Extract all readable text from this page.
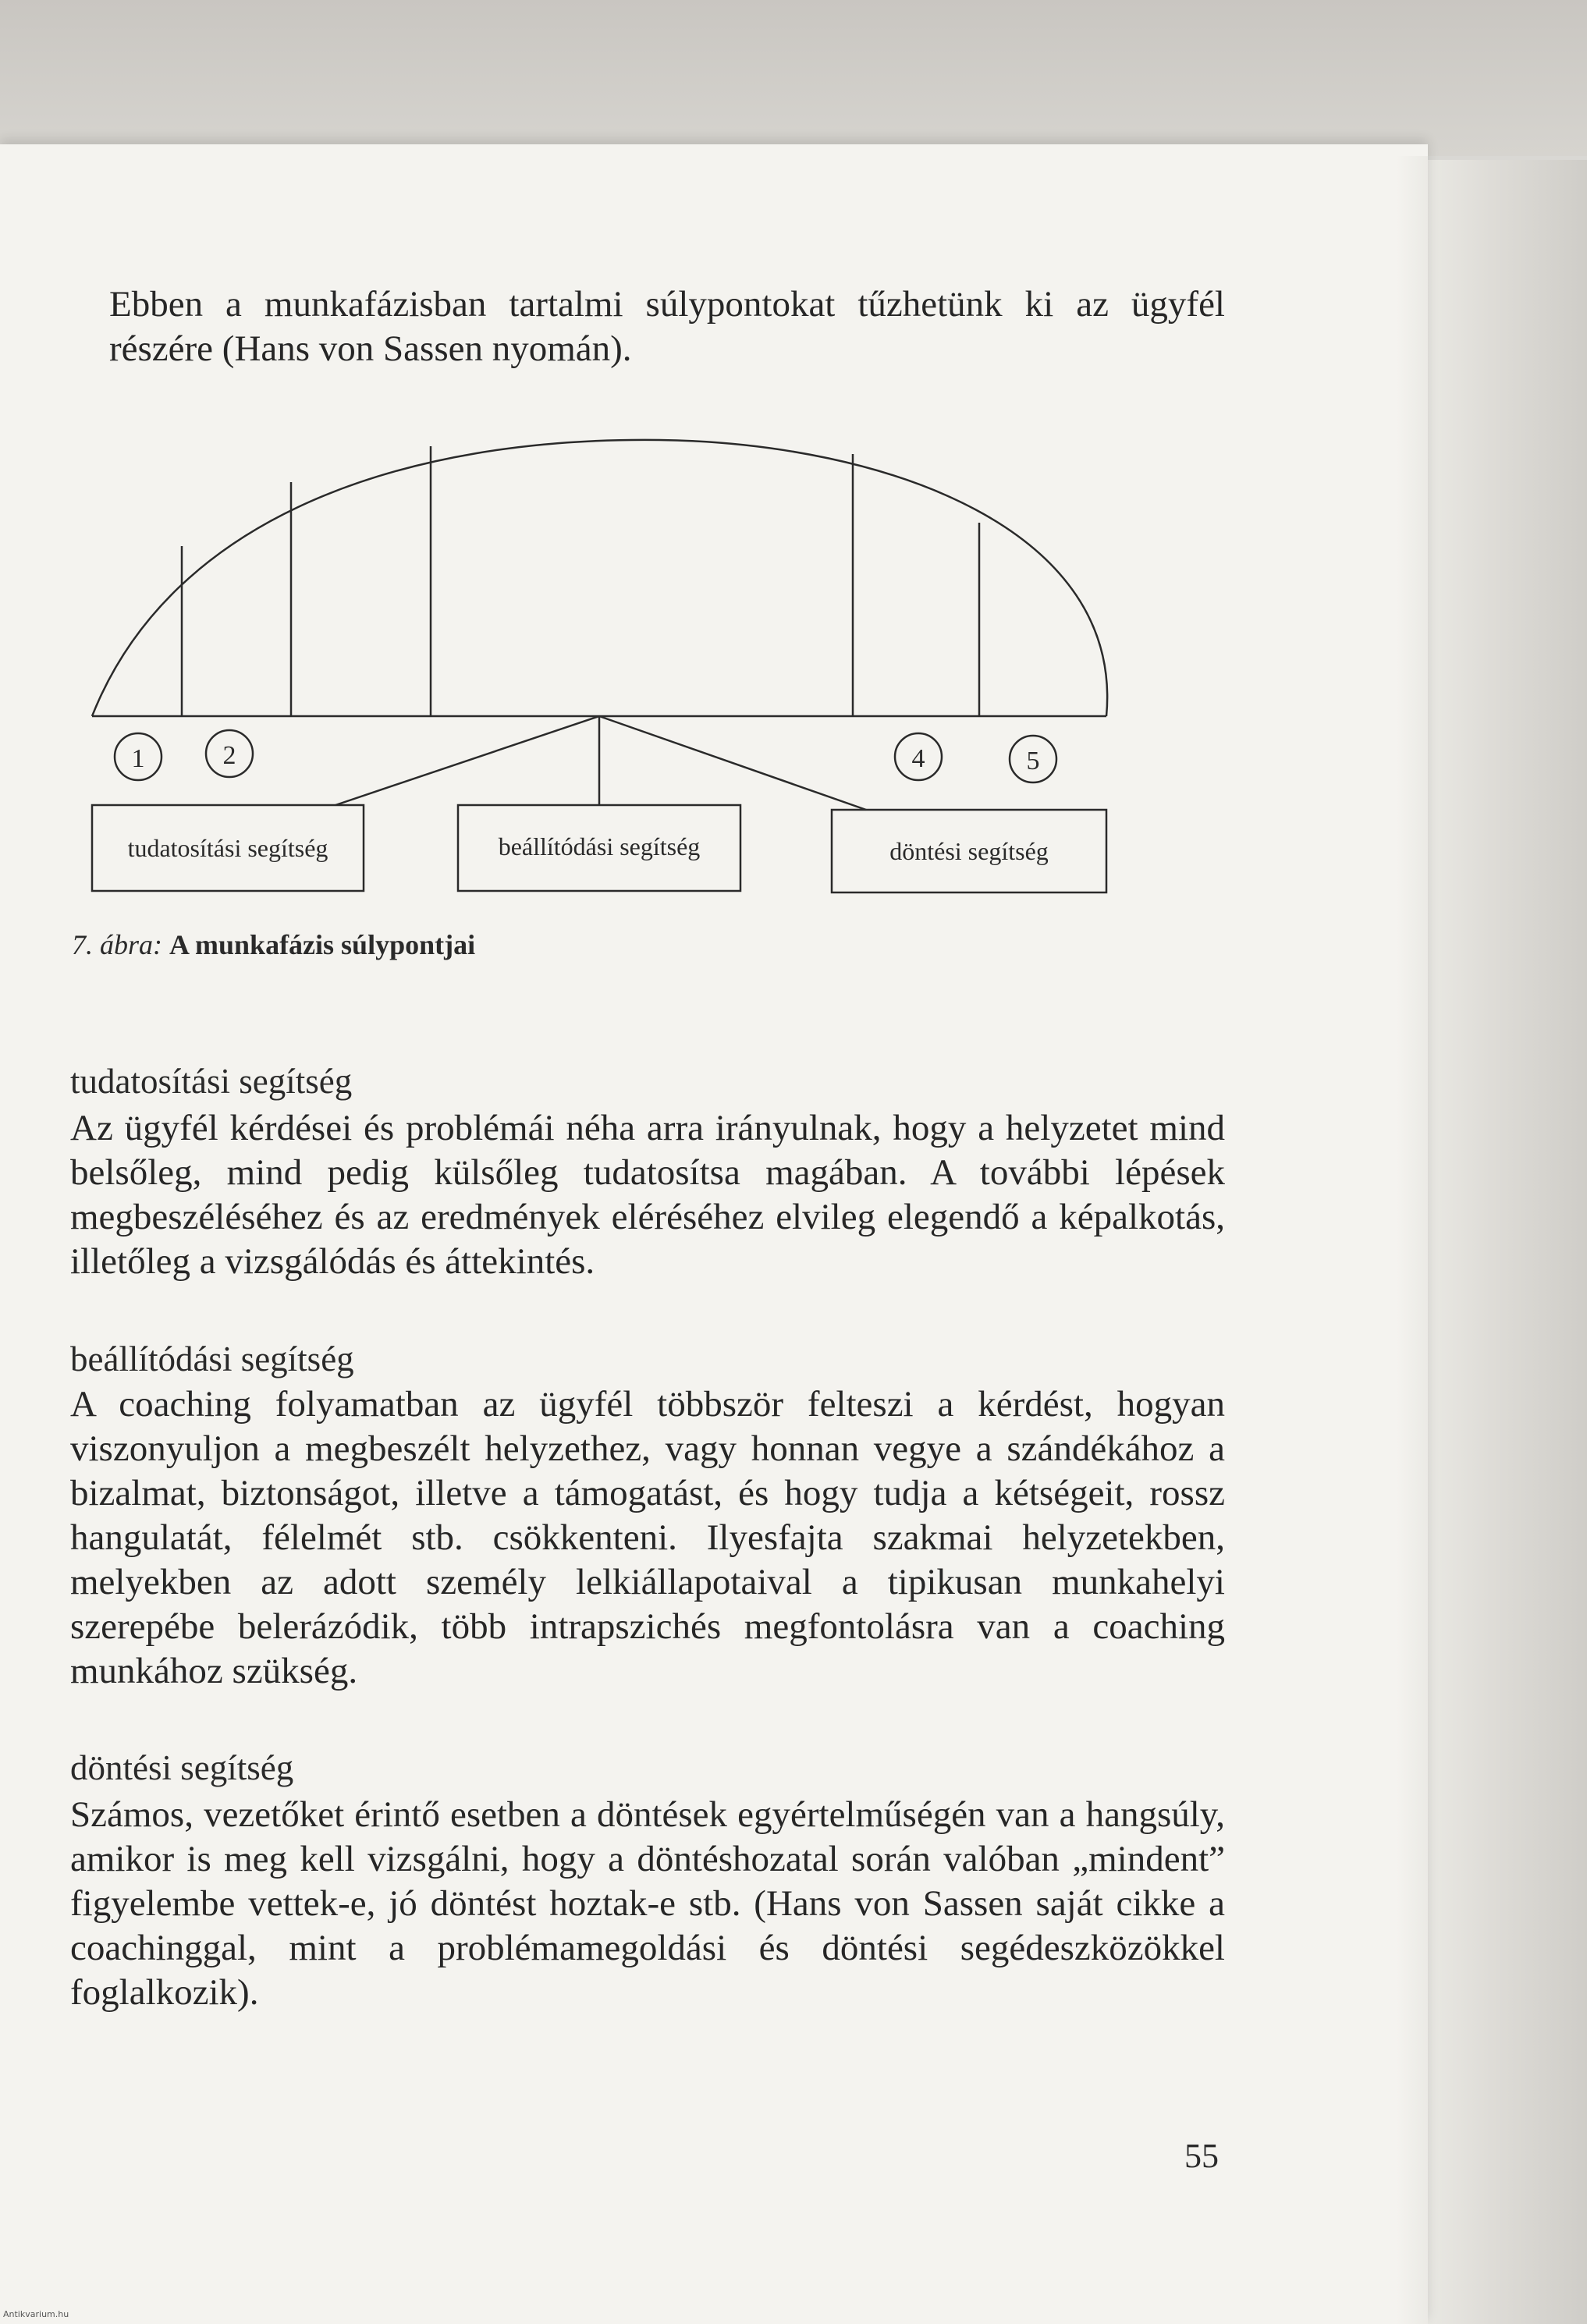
Ebben a munkafázisban tartalmi súlypontokat tűzhetünk ki az ügyfél részére (Hans von Sassen nyomán).
1	2	4	5
tudatosítási segítség	beállítódási segítség	döntési segítség
7. ábra: A munkafázis súlypontjai
tudatosítási segítség
Az ügyfél kérdései és problémái néha arra irányulnak, hogy a helyzetet mind belsőleg, mind pedig külsőleg tudatosítsa magában. A további lépések megbeszéléséhez és az eredmények eléréséhez elvileg elegendő a képalkotás, illetőleg a vizsgálódás és áttekintés.
beállítódási segítség
A coaching folyamatban az ügyfél többször felteszi a kérdést, hogyan viszonyuljon a megbeszélt helyzethez, vagy honnan vegye a szándékához a bizalmat, biztonságot, illetve a támogatást, és hogy tudja a kétségeit, rossz hangulatát, félelmét stb. csökkenteni. Ilyesfajta szakmai helyzetekben, melyekben az adott személy lelkiállapotaival a tipikusan munkahelyi szerepébe belerázódik, több intrapszichés megfontolásra van a coaching munkához szükség.
döntési segítség
Számos, vezetőket érintő esetben a döntések egyértelműségén van a hangsúly, amikor is meg kell vizsgálni, hogy a döntéshozatal során valóban „mindent” figyelembe vettek-e, jó döntést hoztak-e stb. (Hans von Sassen saját cikke a coachinggal, mint a problémamegoldási és döntési segédeszközökkel foglalkozik).
55
Antikvarium.hu
